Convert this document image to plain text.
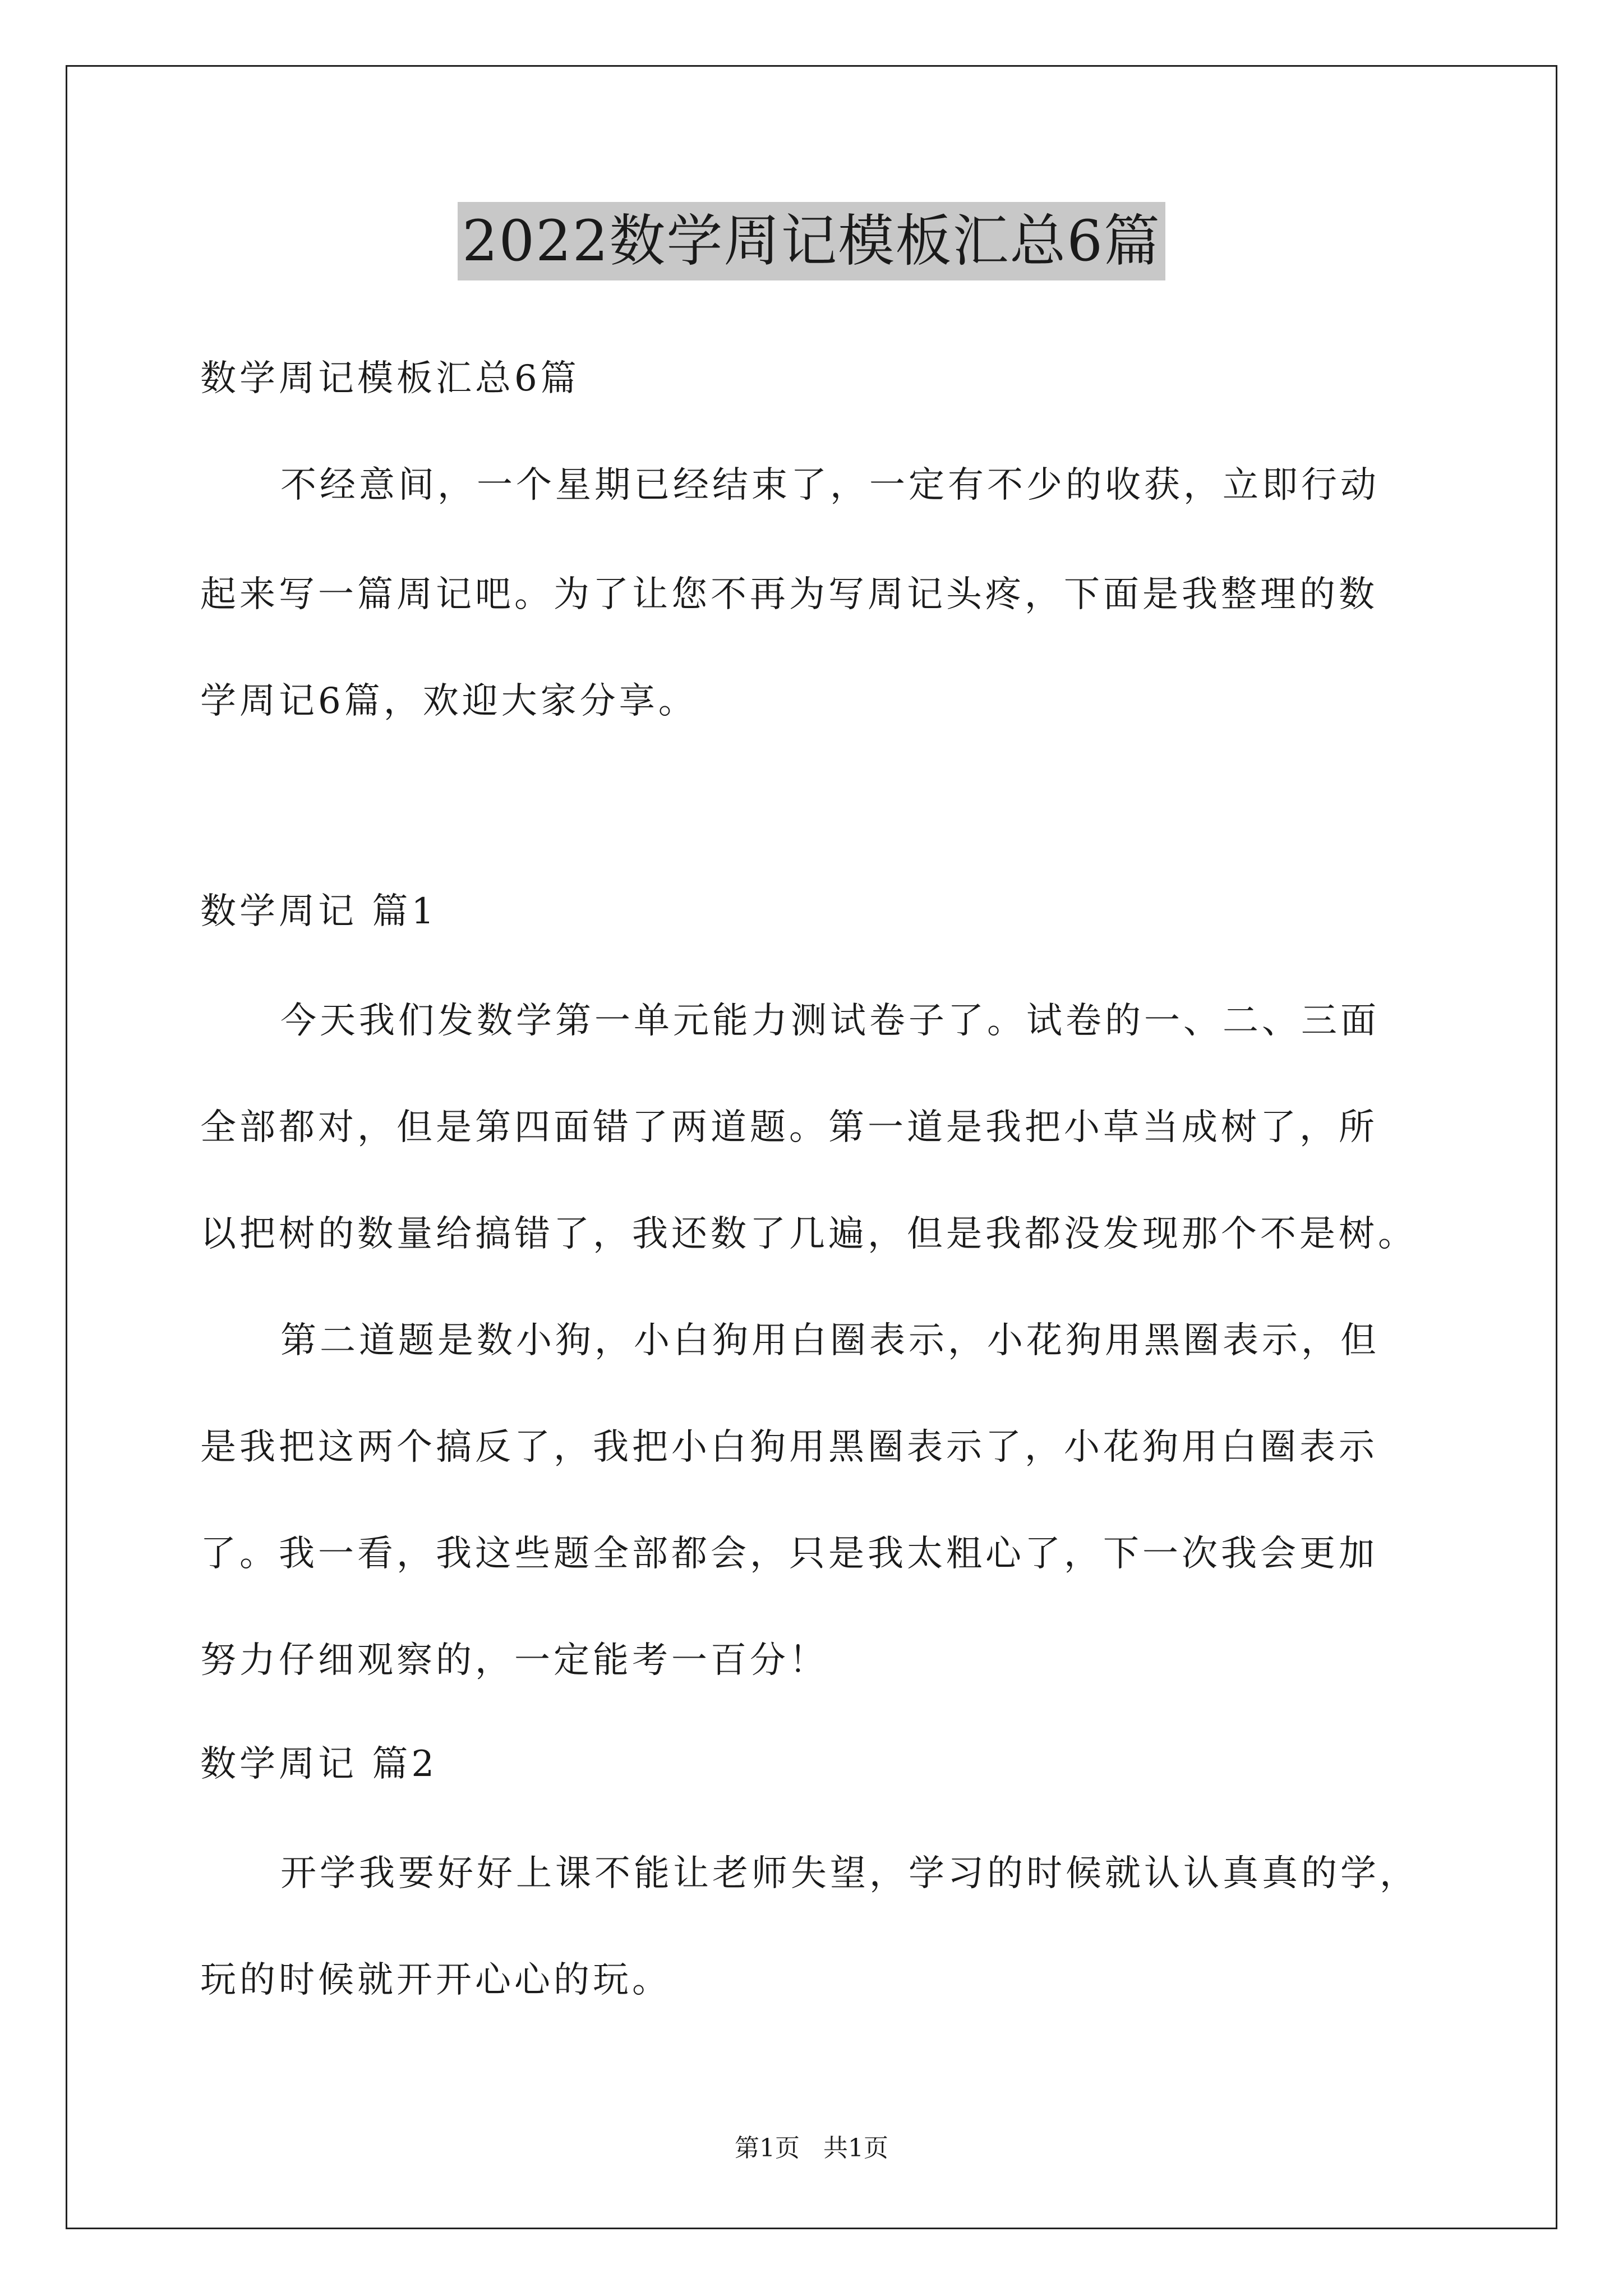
2022数学周记模板汇总6篇
数学周记模板汇总6篇
不经意间，一个星期已经结束了，一定有不少的收获，立即行动
起来写一篇周记吧。为了让您不再为写周记头疼，下面是我整理的数
学周记6篇，欢迎大家分享。
数学周记 篇1
今天我们发数学第一单元能力测试卷子了。试卷的一、二、三面
全部都对，但是第四面错了两道题。第一道是我把小草当成树了，所
以把树的数量给搞错了，我还数了几遍，但是我都没发现那个不是树。
第二道题是数小狗，小白狗用白圈表示，小花狗用黑圈表示，但
是我把这两个搞反了，我把小白狗用黑圈表示了，小花狗用白圈表示
了。我一看，我这些题全部都会，只是我太粗心了，下一次我会更加
努力仔细观察的，一定能考一百分！
数学周记 篇2
开学我要好好上课不能让老师失望，学习的时候就认认真真的学，
玩的时候就开开心心的玩。
第1页   共1页
